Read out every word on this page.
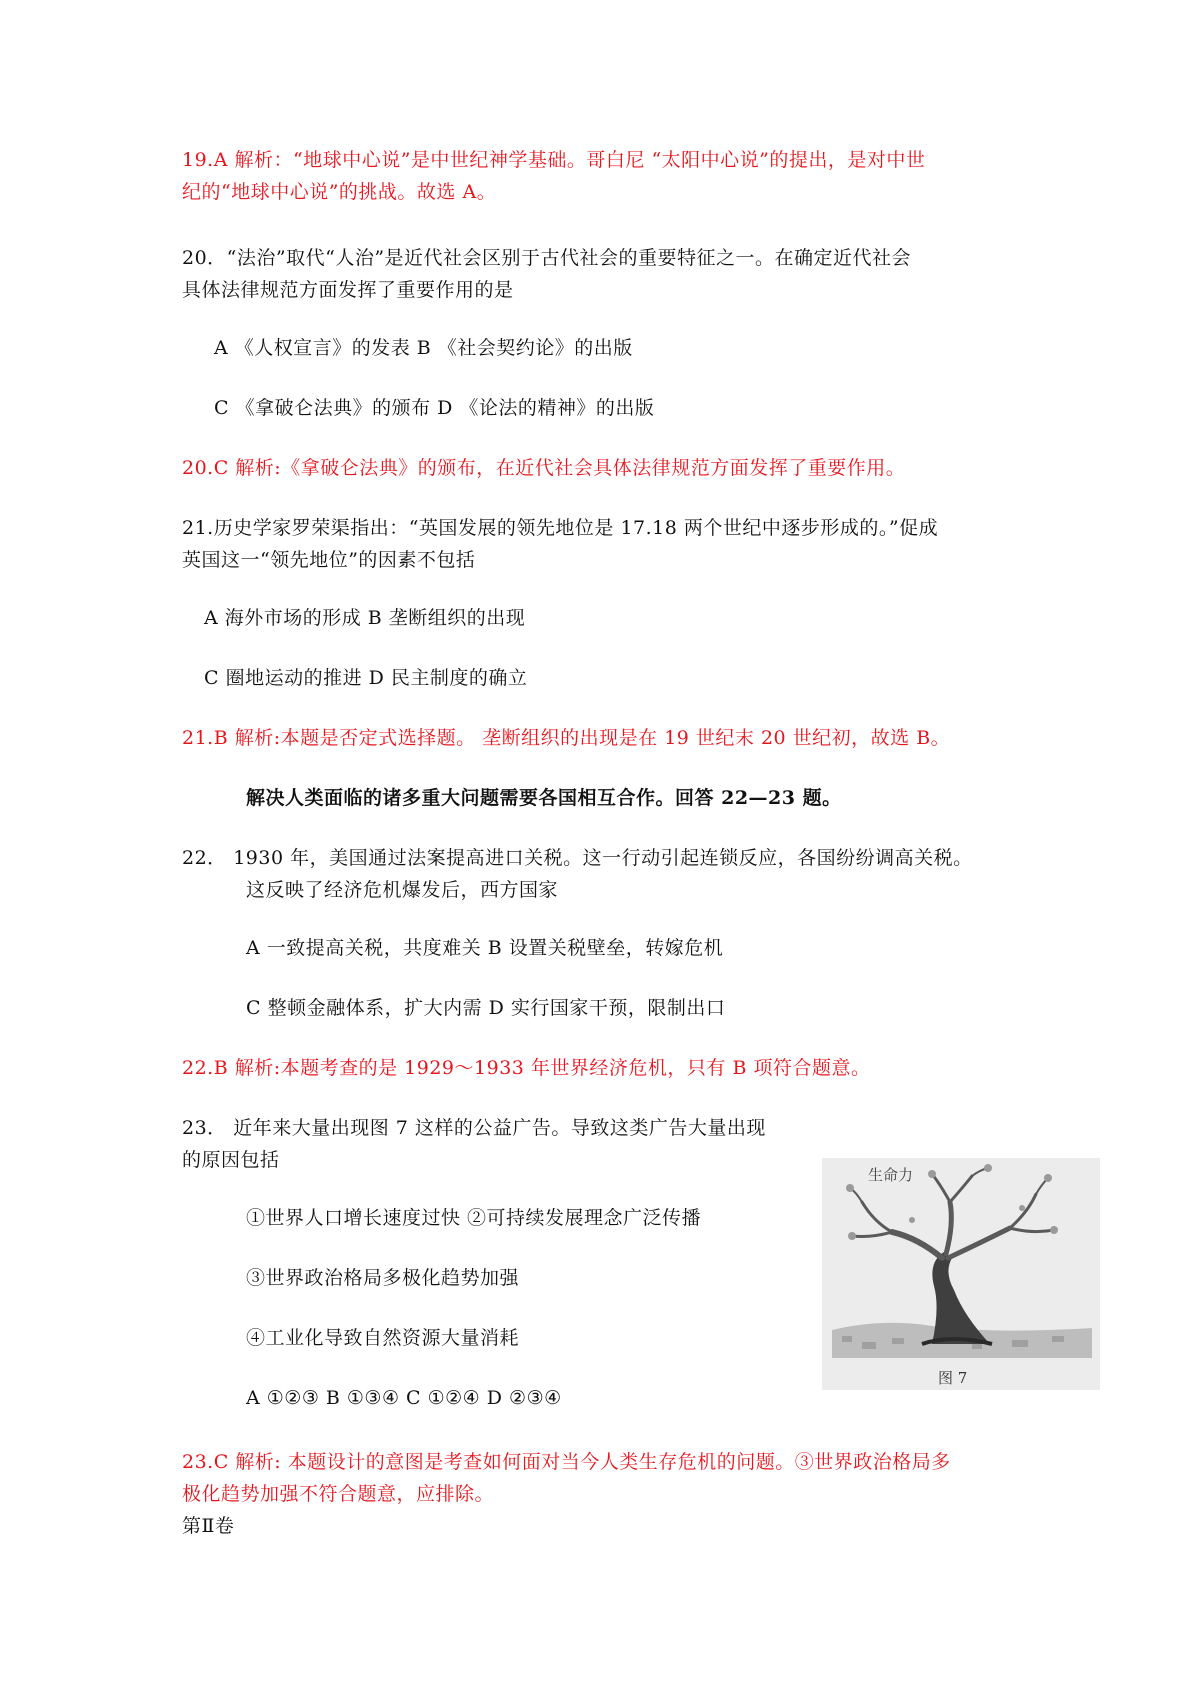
19.A 解析：“地球中心说”是中世纪神学基础。哥白尼 “太阳中心说”的提出，是对中世
纪的“地球中心说”的挑战。故选 A。
20．“法治”取代“人治”是近代社会区别于古代社会的重要特征之一。在确定近代社会
具体法律规范方面发挥了重要作用的是
A 《人权宣言》的发表 B 《社会契约论》的出版
C 《拿破仑法典》的颁布 D 《论法的精神》的出版
20.C 解析:《拿破仑法典》的颁布，在近代社会具体法律规范方面发挥了重要作用。
21.历史学家罗荣渠指出：“英国发展的领先地位是 17.18 两个世纪中逐步形成的。”促成
英国这一“领先地位”的因素不包括
A 海外市场的形成 B 垄断组织的出现
C 圈地运动的推进 D 民主制度的确立
21.B 解析:本题是否定式选择题。 垄断组织的出现是在 19 世纪末 20 世纪初，故选 B。
解决人类面临的诸多重大问题需要各国相互合作。回答 22—23 题。
22． 1930 年，美国通过法案提高进口关税。这一行动引起连锁反应，各国纷纷调高关税。
这反映了经济危机爆发后，西方国家
A 一致提高关税，共度难关 B 设置关税壁垒，转嫁危机
C 整顿金融体系，扩大内需 D 实行国家干预，限制出口
22.B 解析:本题考查的是 1929～1933 年世界经济危机，只有 B 项符合题意。
23． 近年来大量出现图 7 这样的公益广告。导致这类广告大量出现
的原因包括
①世界人口增长速度过快 ②可持续发展理念广泛传播
③世界政治格局多极化趋势加强
④工业化导致自然资源大量消耗
A ①②③ B ①③④ C ①②④ D ②③④
生命力
图 7
23.C 解析: 本题设计的意图是考查如何面对当今人类生存危机的问题。③世界政治格局多
极化趋势加强不符合题意，应排除。
第Ⅱ卷
